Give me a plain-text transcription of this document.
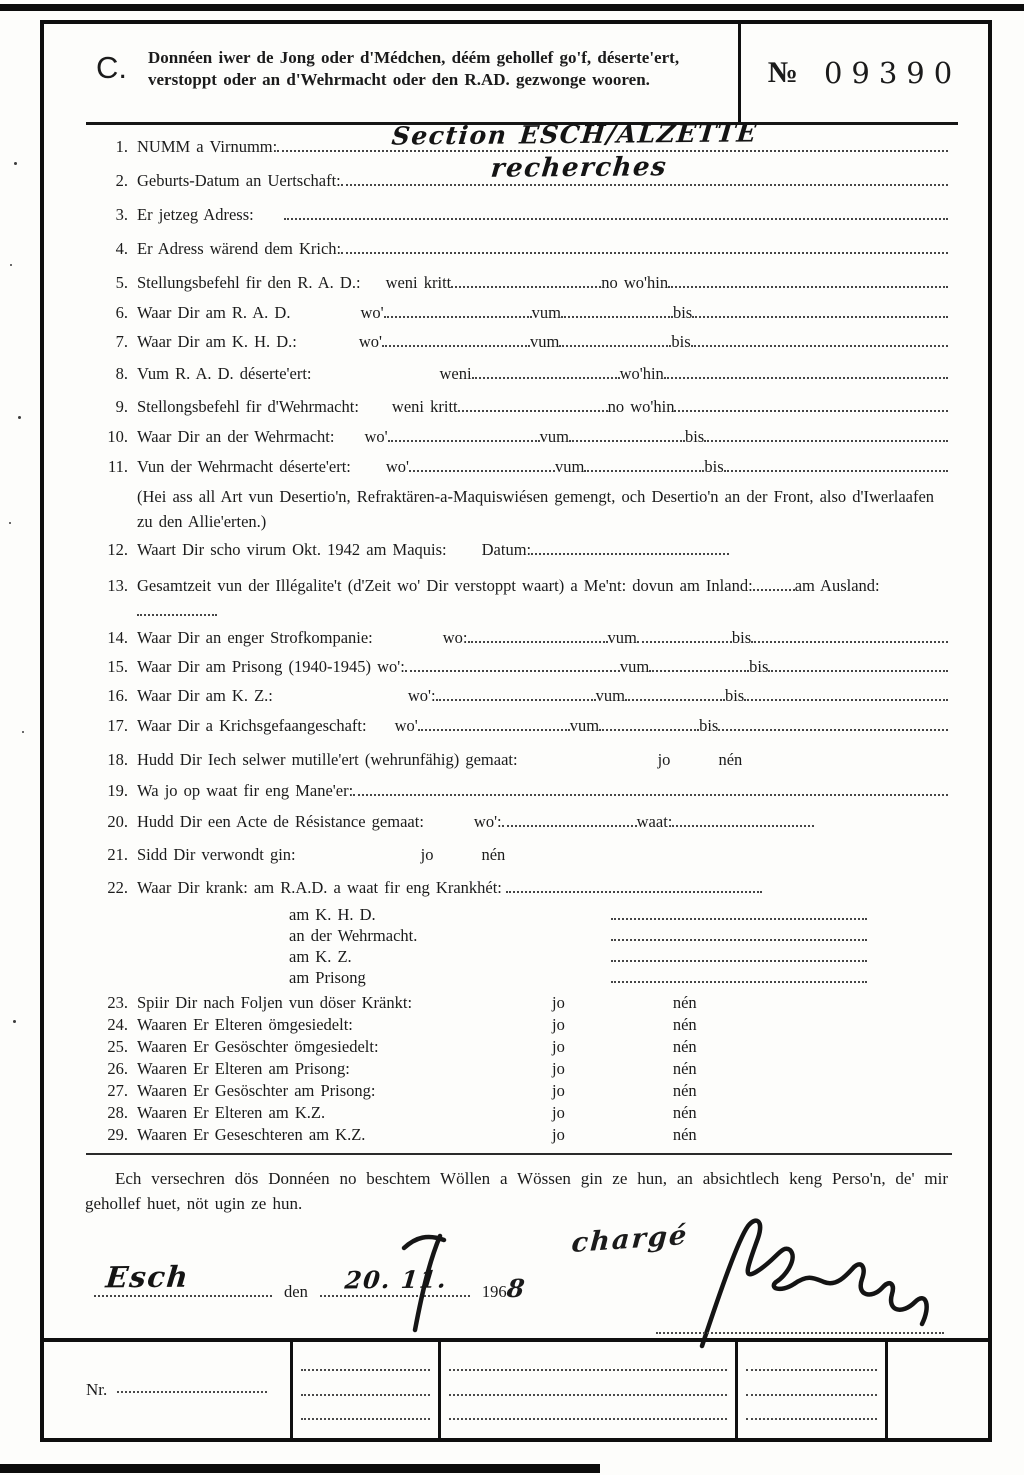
C.	Donnéen iwer de Jong oder d'Médchen, déém gehollef go'f, déserte'ert, verstoppt oder an d'Wehrmacht oder den R.AD. gezwonge wooren.	№ 09390
1. NUMM a Virnumm:	Section ESCH/ALZETTE
2. Geburts-Datum an Uertschaft:	recherches
3. Er jetzeg Adress:
4. Er Adress wärend dem Krich:
5. Stellungsbefehl fir den R. A. D.: weni kritt	no wo'hin
6. Waar Dir am R. A. D.	wo'	vum	bis
7. Waar Dir am K. H. D.:	wo'	vum	bis
8. Vum R. A. D. déserte'ert:	weni	wo'hin
9. Stellongsbefehl fir d'Wehrmacht: weni kritt	no wo'hin
10. Waar Dir an der Wehrmacht: wo'	vum	bis
11. Vun der Wehrmacht déserte'ert: wo'	vum	bis
(Hei ass all Art vun Desertio'n, Refraktären-a-Maquiswiésen gemengt, och Desertio'n an der Front, also d'Iwerlaafen zu den Allie'erten.)
12. Waart Dir scho virum Okt. 1942 am Maquis: Datum:
13. Gesamtzeit vun der Illégalite't (d'Zeit wo' Dir verstoppt waart) a Me'nt: dovun am Inland:	am Ausland:
14. Waar Dir an enger Strofkompanie:	wo:	vum	bis
15. Waar Dir am Prisong (1940-1945) wo':	vum	bis
16. Waar Dir am K. Z.:	wo':	vum	bis
17. Waar Dir a Krichsgefaangeschaft: wo'	vum	bis
18. Hudd Dir Iech selwer mutille'ert (wehrunfähig) gemaat:	jo	nén
19. Wa jo op waat fir eng Mane'er:
20. Hudd Dir een Acte de Résistance gemaat:	wo':	waat:
21. Sidd Dir verwondt gin:	jo	nén
22. Waar Dir krank: am R.A.D. a waat fir eng Krankhét:
am K. H. D.
an der Wehrmacht.
am K. Z.
am Prisong
23. Spiir Dir nach Foljen vun döser Kränkt:	jo	nén
24. Waaren Er Elteren ömgesiedelt:	jo	nén
25. Waaren Er Gesöschter ömgesiedelt:	jo	nén
26. Waaren Er Elteren am Prisong:	jo	nén
27. Waaren Er Gesöschter am Prisong:	jo	nén
28. Waaren Er Elteren am K.Z.	jo	nén
29. Waaren Er Geseschteren am K.Z.	jo	nén
Ech versechren dös Donnéen no beschtem Wöllen a Wössen gin ze hun, an absichtlech keng Perso'n, de' mir gehollef huet, nöt ugin ze hun.
Esch	den	20. 11.	196
8
chargé
Nr.
